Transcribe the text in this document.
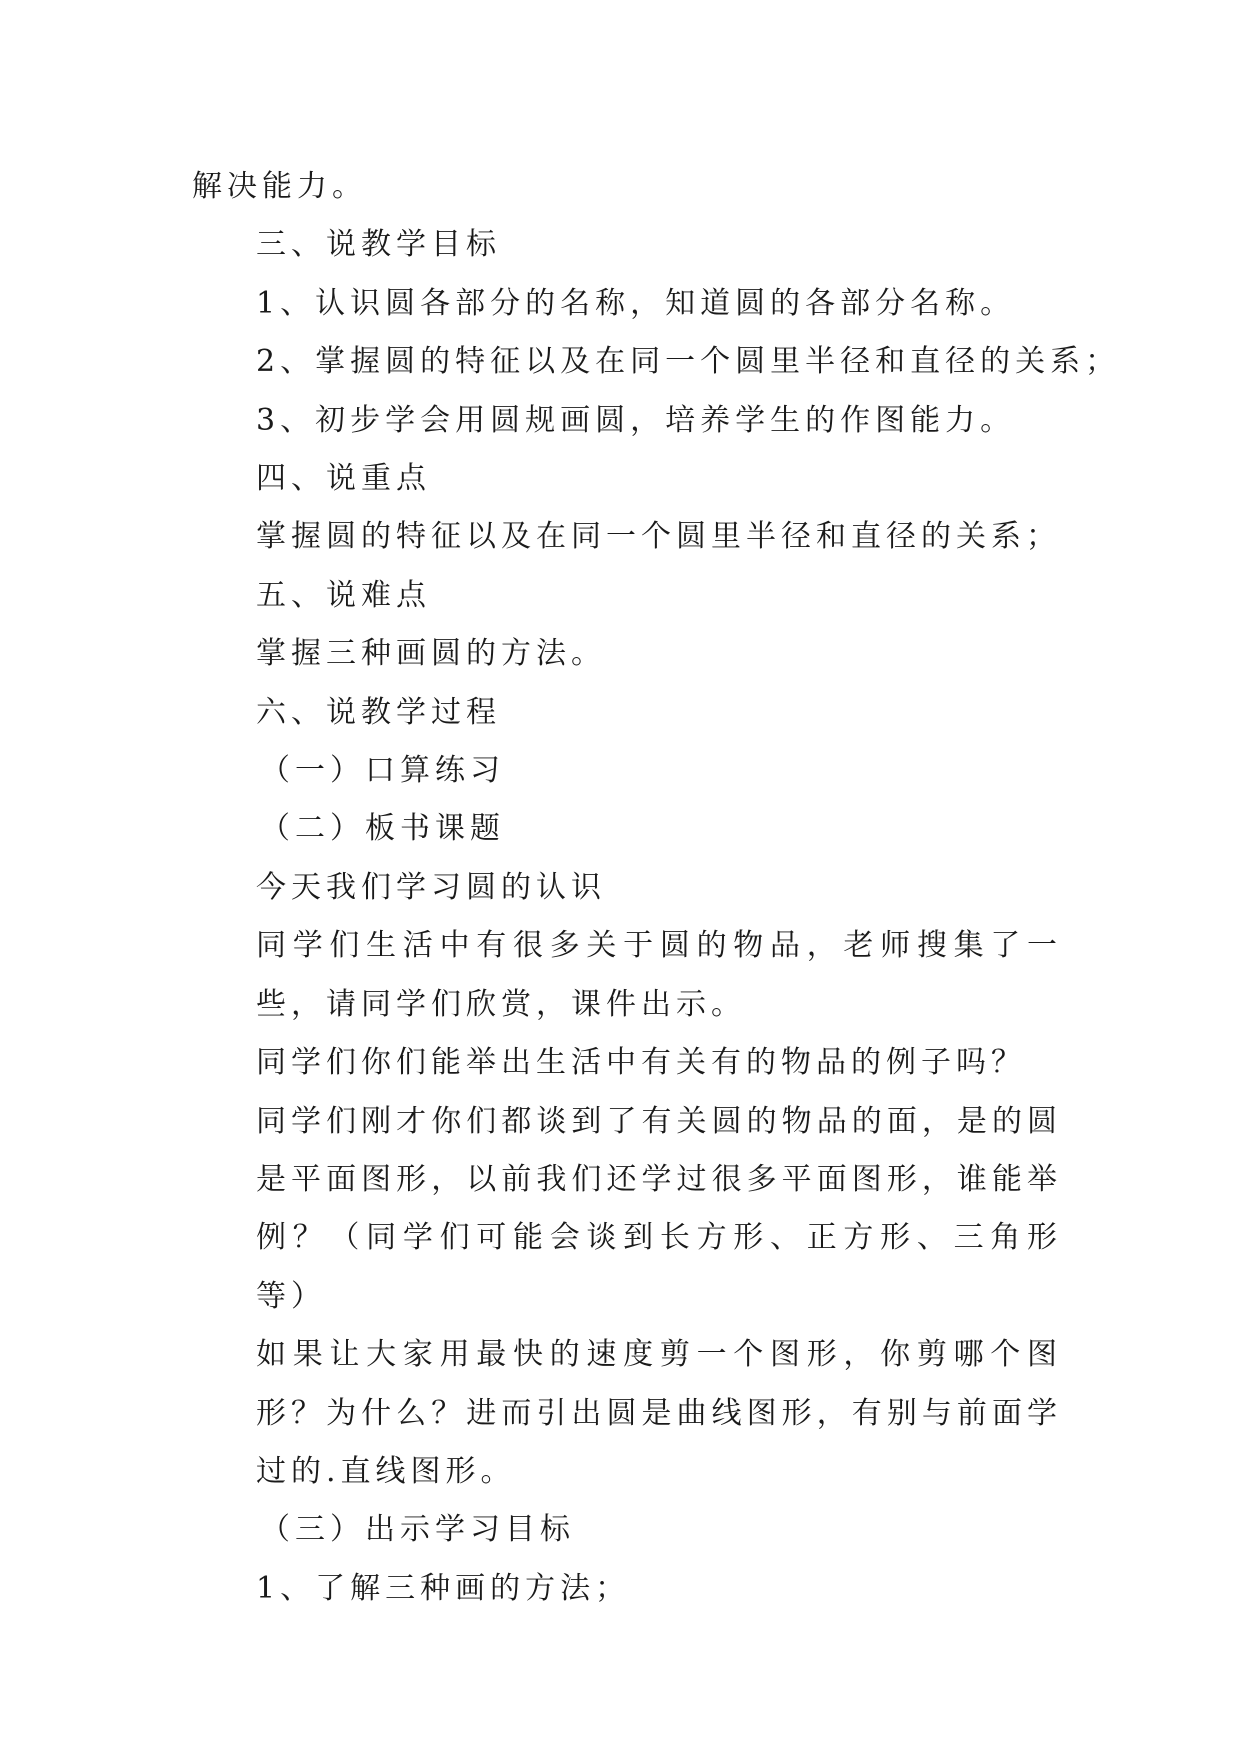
解决能力。

三、说教学目标

1、认识圆各部分的名称，知道圆的各部分名称。

2、掌握圆的特征以及在同一个圆里半径和直径的关系；

3、初步学会用圆规画圆，培养学生的作图能力。

四、说重点

掌握圆的特征以及在同一个圆里半径和直径的关系；

五、说难点

掌握三种画圆的方法。

六、说教学过程

（一）口算练习

（二）板书课题

今天我们学习圆的认识

同学们生活中有很多关于圆的物品，老师搜集了一些，请同学们欣赏，课件出示。

同学们你们能举出生活中有关有的物品的例子吗？

同学们刚才你们都谈到了有关圆的物品的面，是的圆是平面图形，以前我们还学过很多平面图形，谁能举例？（同学们可能会谈到长方形、正方形、三角形等）

如果让大家用最快的速度剪一个图形，你剪哪个图形？为什么？进而引出圆是曲线图形，有别与前面学过的.直线图形。

（三）出示学习目标

1、了解三种画的方法；
